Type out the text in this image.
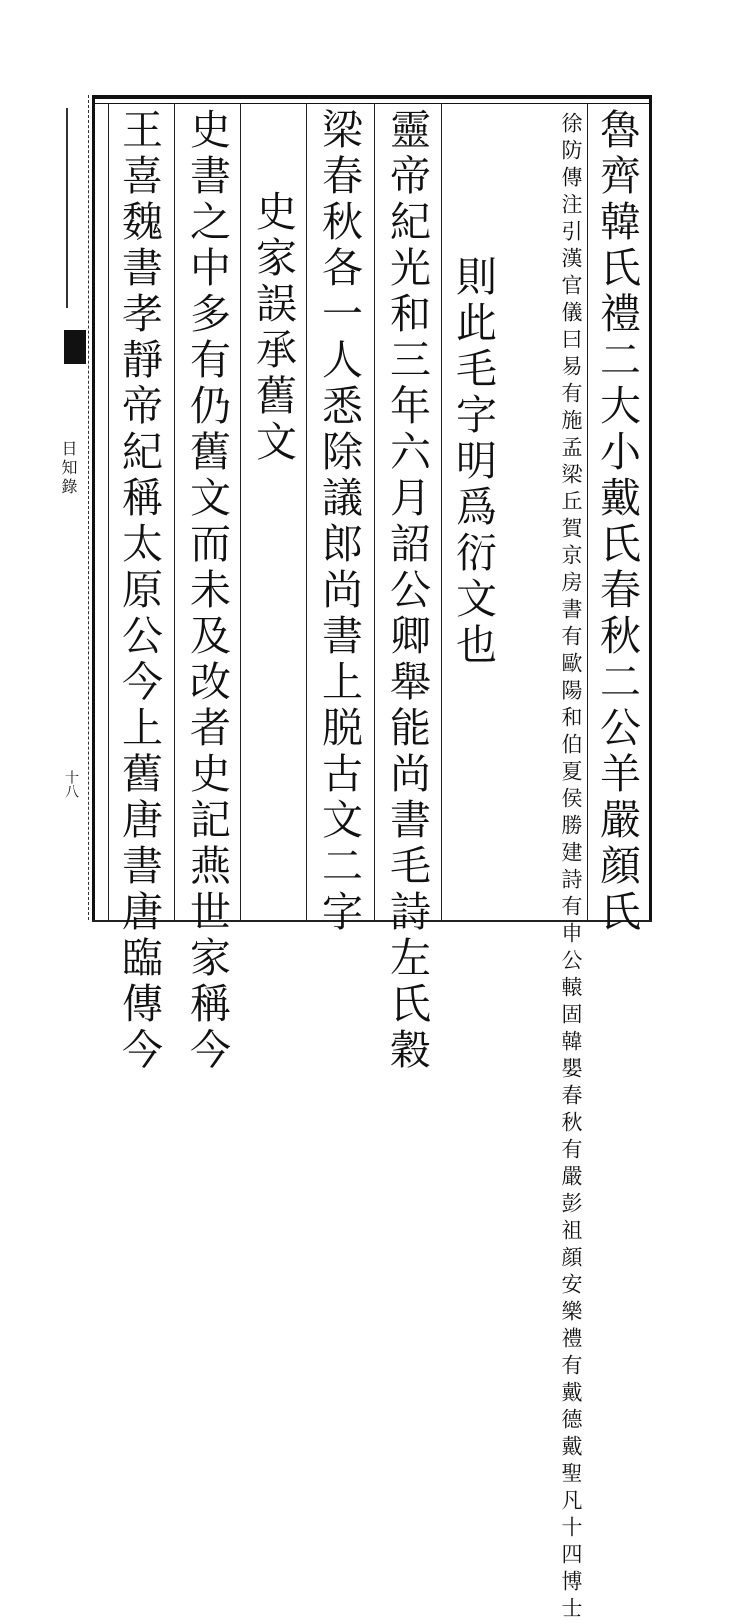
日知錄
十八	魯齊韓氏禮二大小戴氏春秋二公羊嚴顔氏
徐防傳注引漢官儀曰易有施孟梁丘賀京房書有歐陽和伯夏侯勝建詩有申公轅固韓嬰春秋有嚴彭祖顔安樂禮有戴德戴聖凡十四博士
則此毛字明爲衍文也
靈帝紀光和三年六月詔公卿舉能尚書毛詩左氏穀
梁春秋各一人悉除議郎尚書上脱古文二字
史家誤承舊文
史書之中多有仍舊文而未及改者史記燕世家稱今
王喜魏書孝靜帝紀稱太原公今上舊唐書唐臨傳今
